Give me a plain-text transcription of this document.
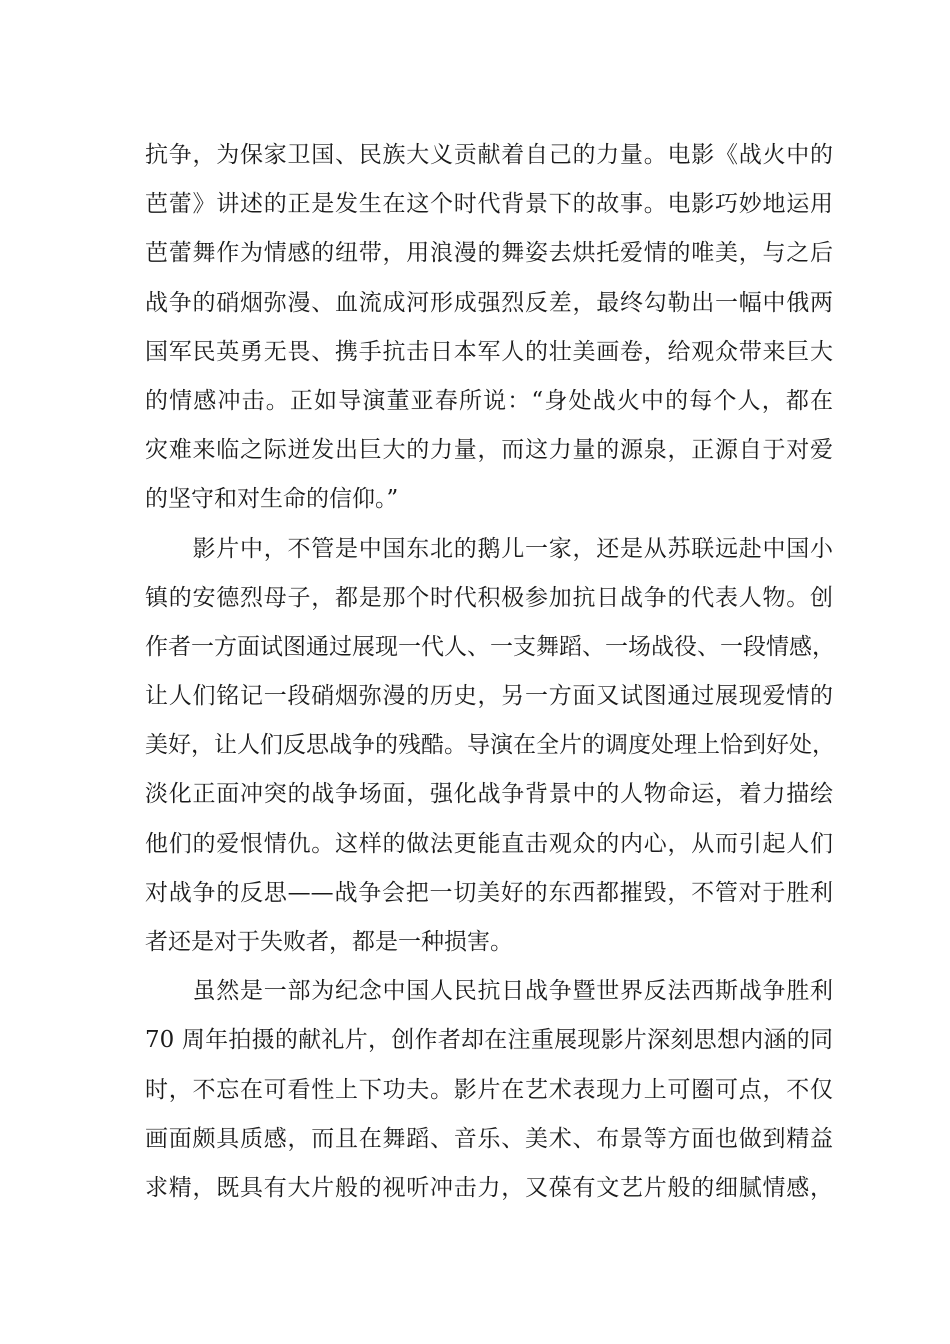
抗争，为保家卫国、民族大义贡献着自己的力量。电影《战火中的
芭蕾》讲述的正是发生在这个时代背景下的故事。电影巧妙地运用
芭蕾舞作为情感的纽带，用浪漫的舞姿去烘托爱情的唯美，与之后
战争的硝烟弥漫、血流成河形成强烈反差，最终勾勒出一幅中俄两
国军民英勇无畏、携手抗击日本军人的壮美画卷，给观众带来巨大
的情感冲击。正如导演董亚春所说：“身处战火中的每个人，都在
灾难来临之际迸发出巨大的力量，而这力量的源泉，正源自于对爱
的坚守和对生命的信仰。”
　　影片中，不管是中国东北的鹅儿一家，还是从苏联远赴中国小
镇的安德烈母子，都是那个时代积极参加抗日战争的代表人物。创
作者一方面试图通过展现一代人、一支舞蹈、一场战役、一段情感，
让人们铭记一段硝烟弥漫的历史，另一方面又试图通过展现爱情的
美好，让人们反思战争的残酷。导演在全片的调度处理上恰到好处，
淡化正面冲突的战争场面，强化战争背景中的人物命运，着力描绘
他们的爱恨情仇。这样的做法更能直击观众的内心，从而引起人们
对战争的反思——战争会把一切美好的东西都摧毁，不管对于胜利
者还是对于失败者，都是一种损害。
　　虽然是一部为纪念中国人民抗日战争暨世界反法西斯战争胜利
70 周年拍摄的献礼片，创作者却在注重展现影片深刻思想内涵的同
时，不忘在可看性上下功夫。影片在艺术表现力上可圈可点，不仅
画面颇具质感，而且在舞蹈、音乐、美术、布景等方面也做到精益
求精，既具有大片般的视听冲击力，又葆有文艺片般的细腻情感，
